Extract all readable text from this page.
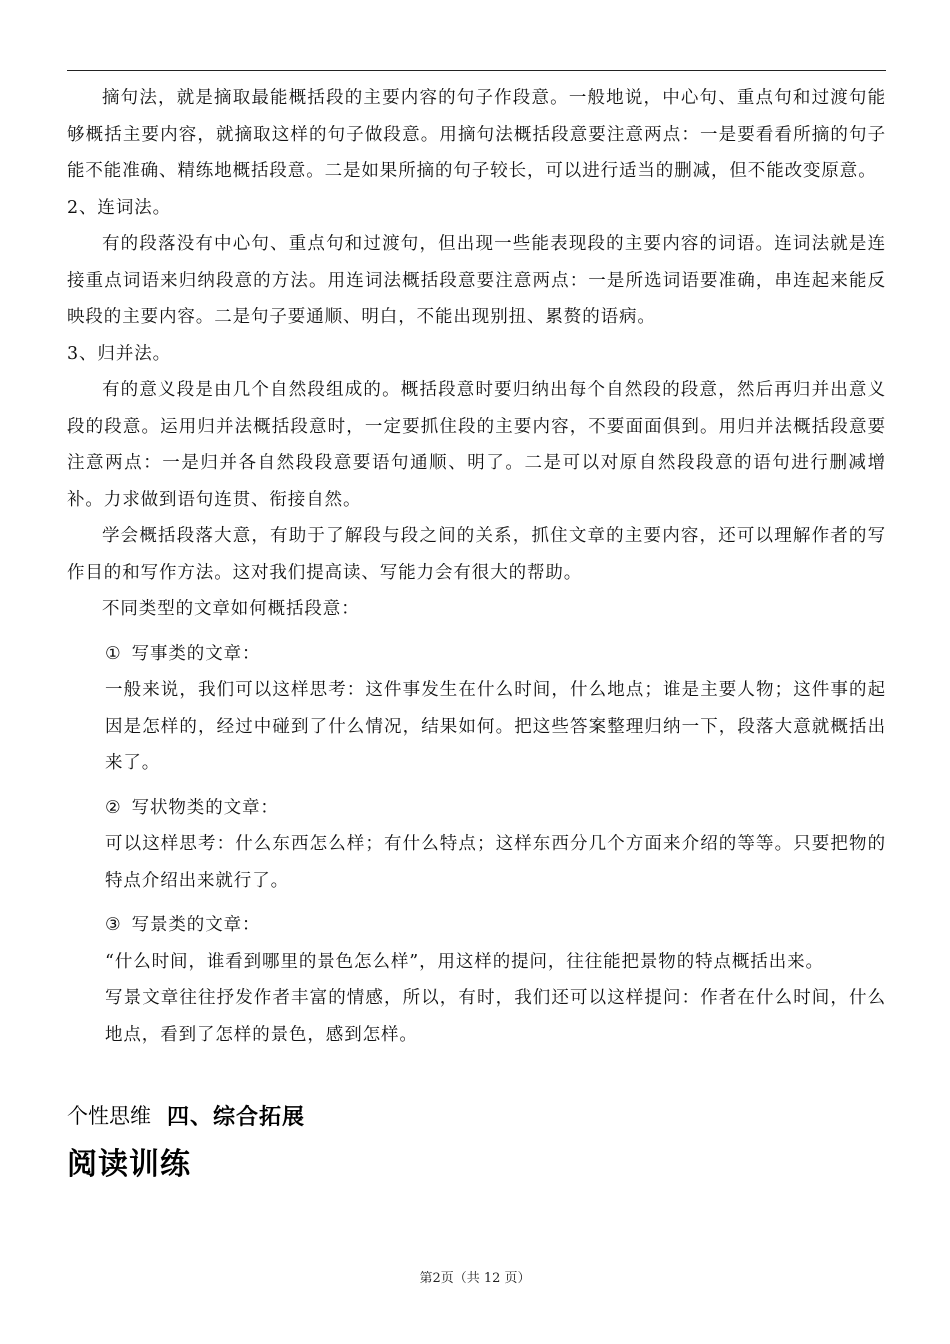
摘句法，就是摘取最能概括段的主要内容的句子作段意。一般地说，中心句、重点句和过渡句能够概括主要内容，就摘取这样的句子做段意。用摘句法概括段意要注意两点：一是要看看所摘的句子能不能准确、精练地概括段意。二是如果所摘的句子较长，可以进行适当的删减，但不能改变原意。

2、连词法。

有的段落没有中心句、重点句和过渡句，但出现一些能表现段的主要内容的词语。连词法就是连接重点词语来归纳段意的方法。用连词法概括段意要注意两点：一是所选词语要准确，串连起来能反映段的主要内容。二是句子要通顺、明白，不能出现别扭、累赘的语病。

3、归并法。

有的意义段是由几个自然段组成的。概括段意时要归纳出每个自然段的段意，然后再归并出意义段的段意。运用归并法概括段意时，一定要抓住段的主要内容，不要面面俱到。用归并法概括段意要注意两点：一是归并各自然段段意要语句通顺、明了。二是可以对原自然段段意的语句进行删减增补。力求做到语句连贯、衔接自然。

学会概括段落大意，有助于了解段与段之间的关系，抓住文章的主要内容，还可以理解作者的写作目的和写作方法。这对我们提高读、写能力会有很大的帮助。

不同类型的文章如何概括段意：

① 写事类的文章：

一般来说，我们可以这样思考：这件事发生在什么时间，什么地点；谁是主要人物；这件事的起因是怎样的，经过中碰到了什么情况，结果如何。把这些答案整理归纳一下，段落大意就概括出来了。

② 写状物类的文章：

可以这样思考：什么东西怎么样；有什么特点；这样东西分几个方面来介绍的等等。只要把物的特点介绍出来就行了。

③ 写景类的文章：

“什么时间，谁看到哪里的景色怎么样”，用这样的提问，往往能把景物的特点概括出来。

写景文章往往抒发作者丰富的情感，所以，有时，我们还可以这样提问：作者在什么时间，什么地点，看到了怎样的景色，感到怎样。

个性思维 四、综合拓展
阅读训练
第2页（共 12 页）
